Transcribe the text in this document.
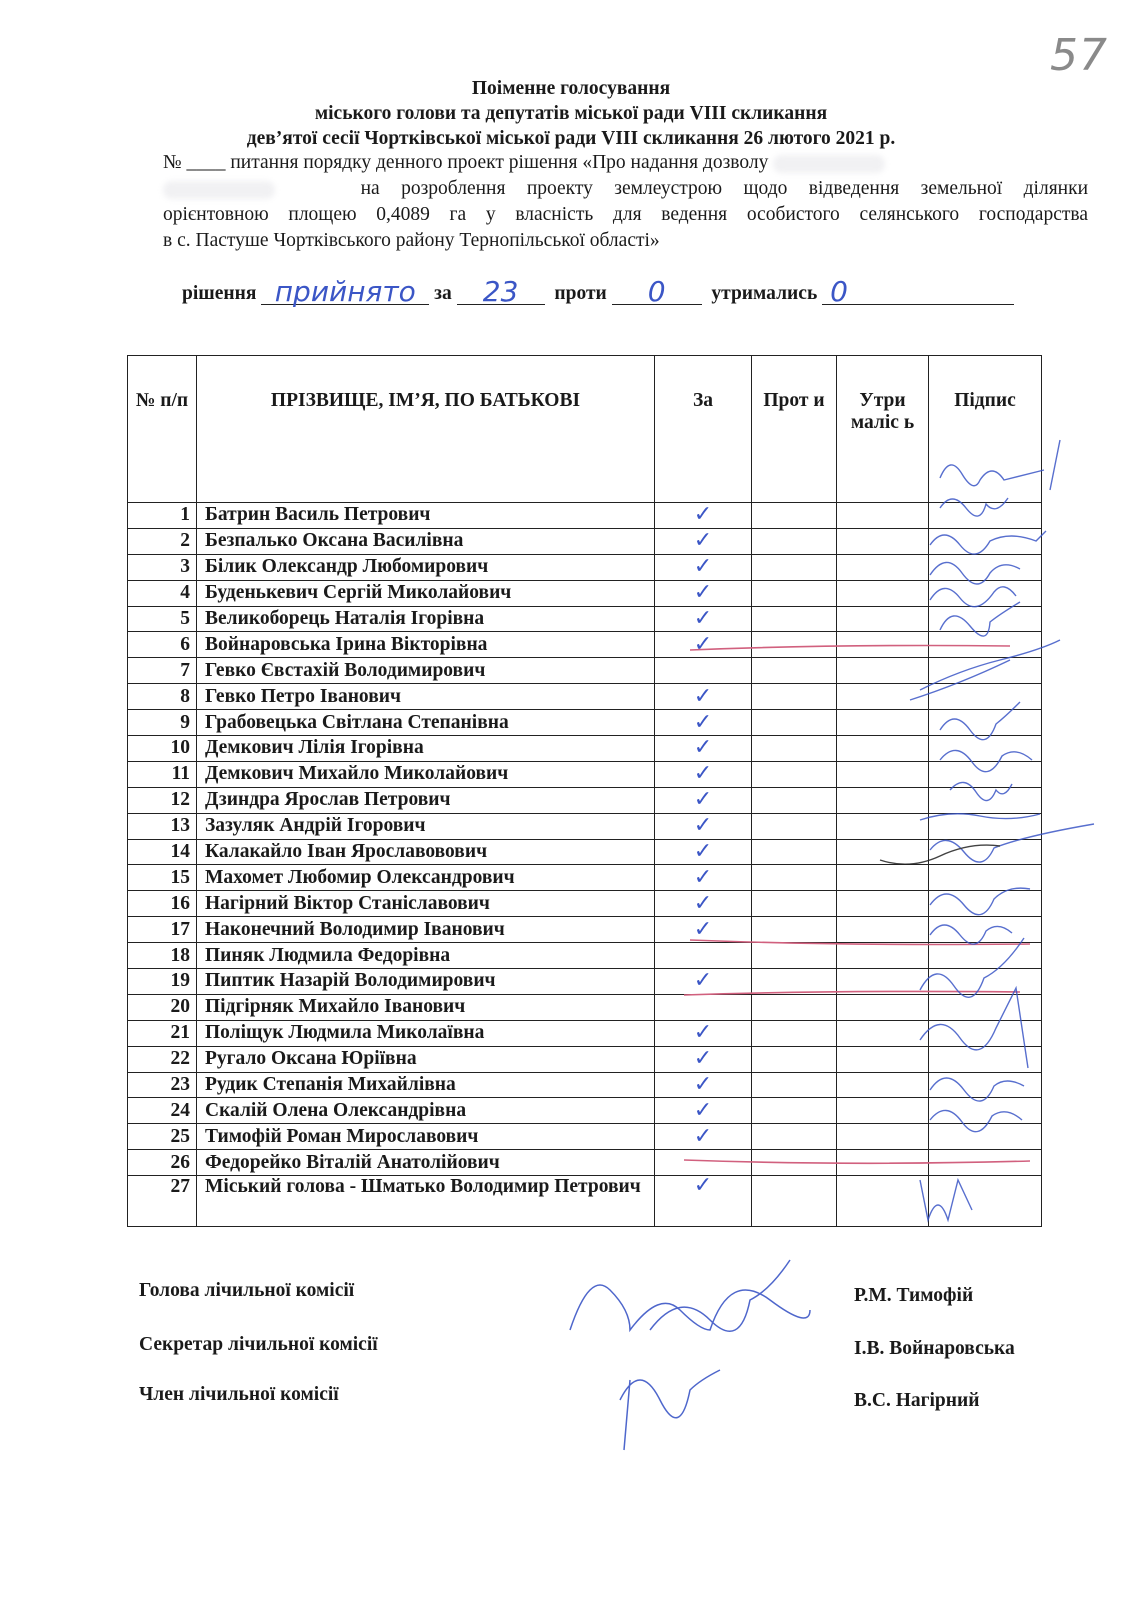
57
Поіменне голосування
міського голови та депутатів міської ради VIII скликання
дев’ятої сесії Чортківської міської ради VIII скликання 26 лютого 2021 р.
№ ____ питання порядку денного проект рішення «Про надання дозволу
на розроблення проекту землеустрою щодо відведення земельної ділянки
орієнтовною площею 0,4089 га у власність для ведення особистого селянського господарства
в с. Пастуше Чортківського району Тернопільської області»
рішення прийнято за	23	проти	0	утримались 0
№ п/п	ПРІЗВИЩЕ, ІМ’Я, ПО БАТЬКОВІ	За	Прот и	Утри маліс ь	Підпис
1	Батрин Василь Петрович	✓			
2	Безпалько Оксана Василівна	✓			
3	Білик Олександр Любомирович	✓			
4	Буденькевич Сергій Миколайович	✓			
5	Великоборець Наталія Ігорівна	✓			
6	Войнаровська Ірина Вікторівна	✓			
7	Гевко Євстахій Володимирович				
8	Гевко Петро Іванович	✓			
9	Грабовецька Світлана Степанівна	✓			
10	Демкович Лілія Ігорівна	✓			
11	Демкович Михайло Миколайович	✓			
12	Дзиндра Ярослав Петрович	✓			
13	Зазуляк Андрій Ігорович	✓			
14	Калакайло Іван Ярославовович	✓			
15	Махомет Любомир Олександрович	✓			
16	Нагірний Віктор Станіславович	✓			
17	Наконечний Володимир Іванович	✓			
18	Пиняк Людмила Федорівна				
19	Пиптик Назарій Володимирович	✓			
20	Підгірняк Михайло Іванович				
21	Поліщук Людмила Миколаївна	✓			
22	Ругало Оксана Юріївна	✓			
23	Рудик Степанія Михайлівна	✓			
24	Скалій Олена Олександрівна	✓			
25	Тимофій Роман Мирославович	✓			
26	Федорейко Віталій Анатолійович				
27	Міський голова - Шматько Володимир Петрович	✓			
Голова лічильної комісії	Р.М. Тимофій
Секретар лічильної комісії	І.В. Войнаровська
Член лічильної комісії	В.С. Нагірний
